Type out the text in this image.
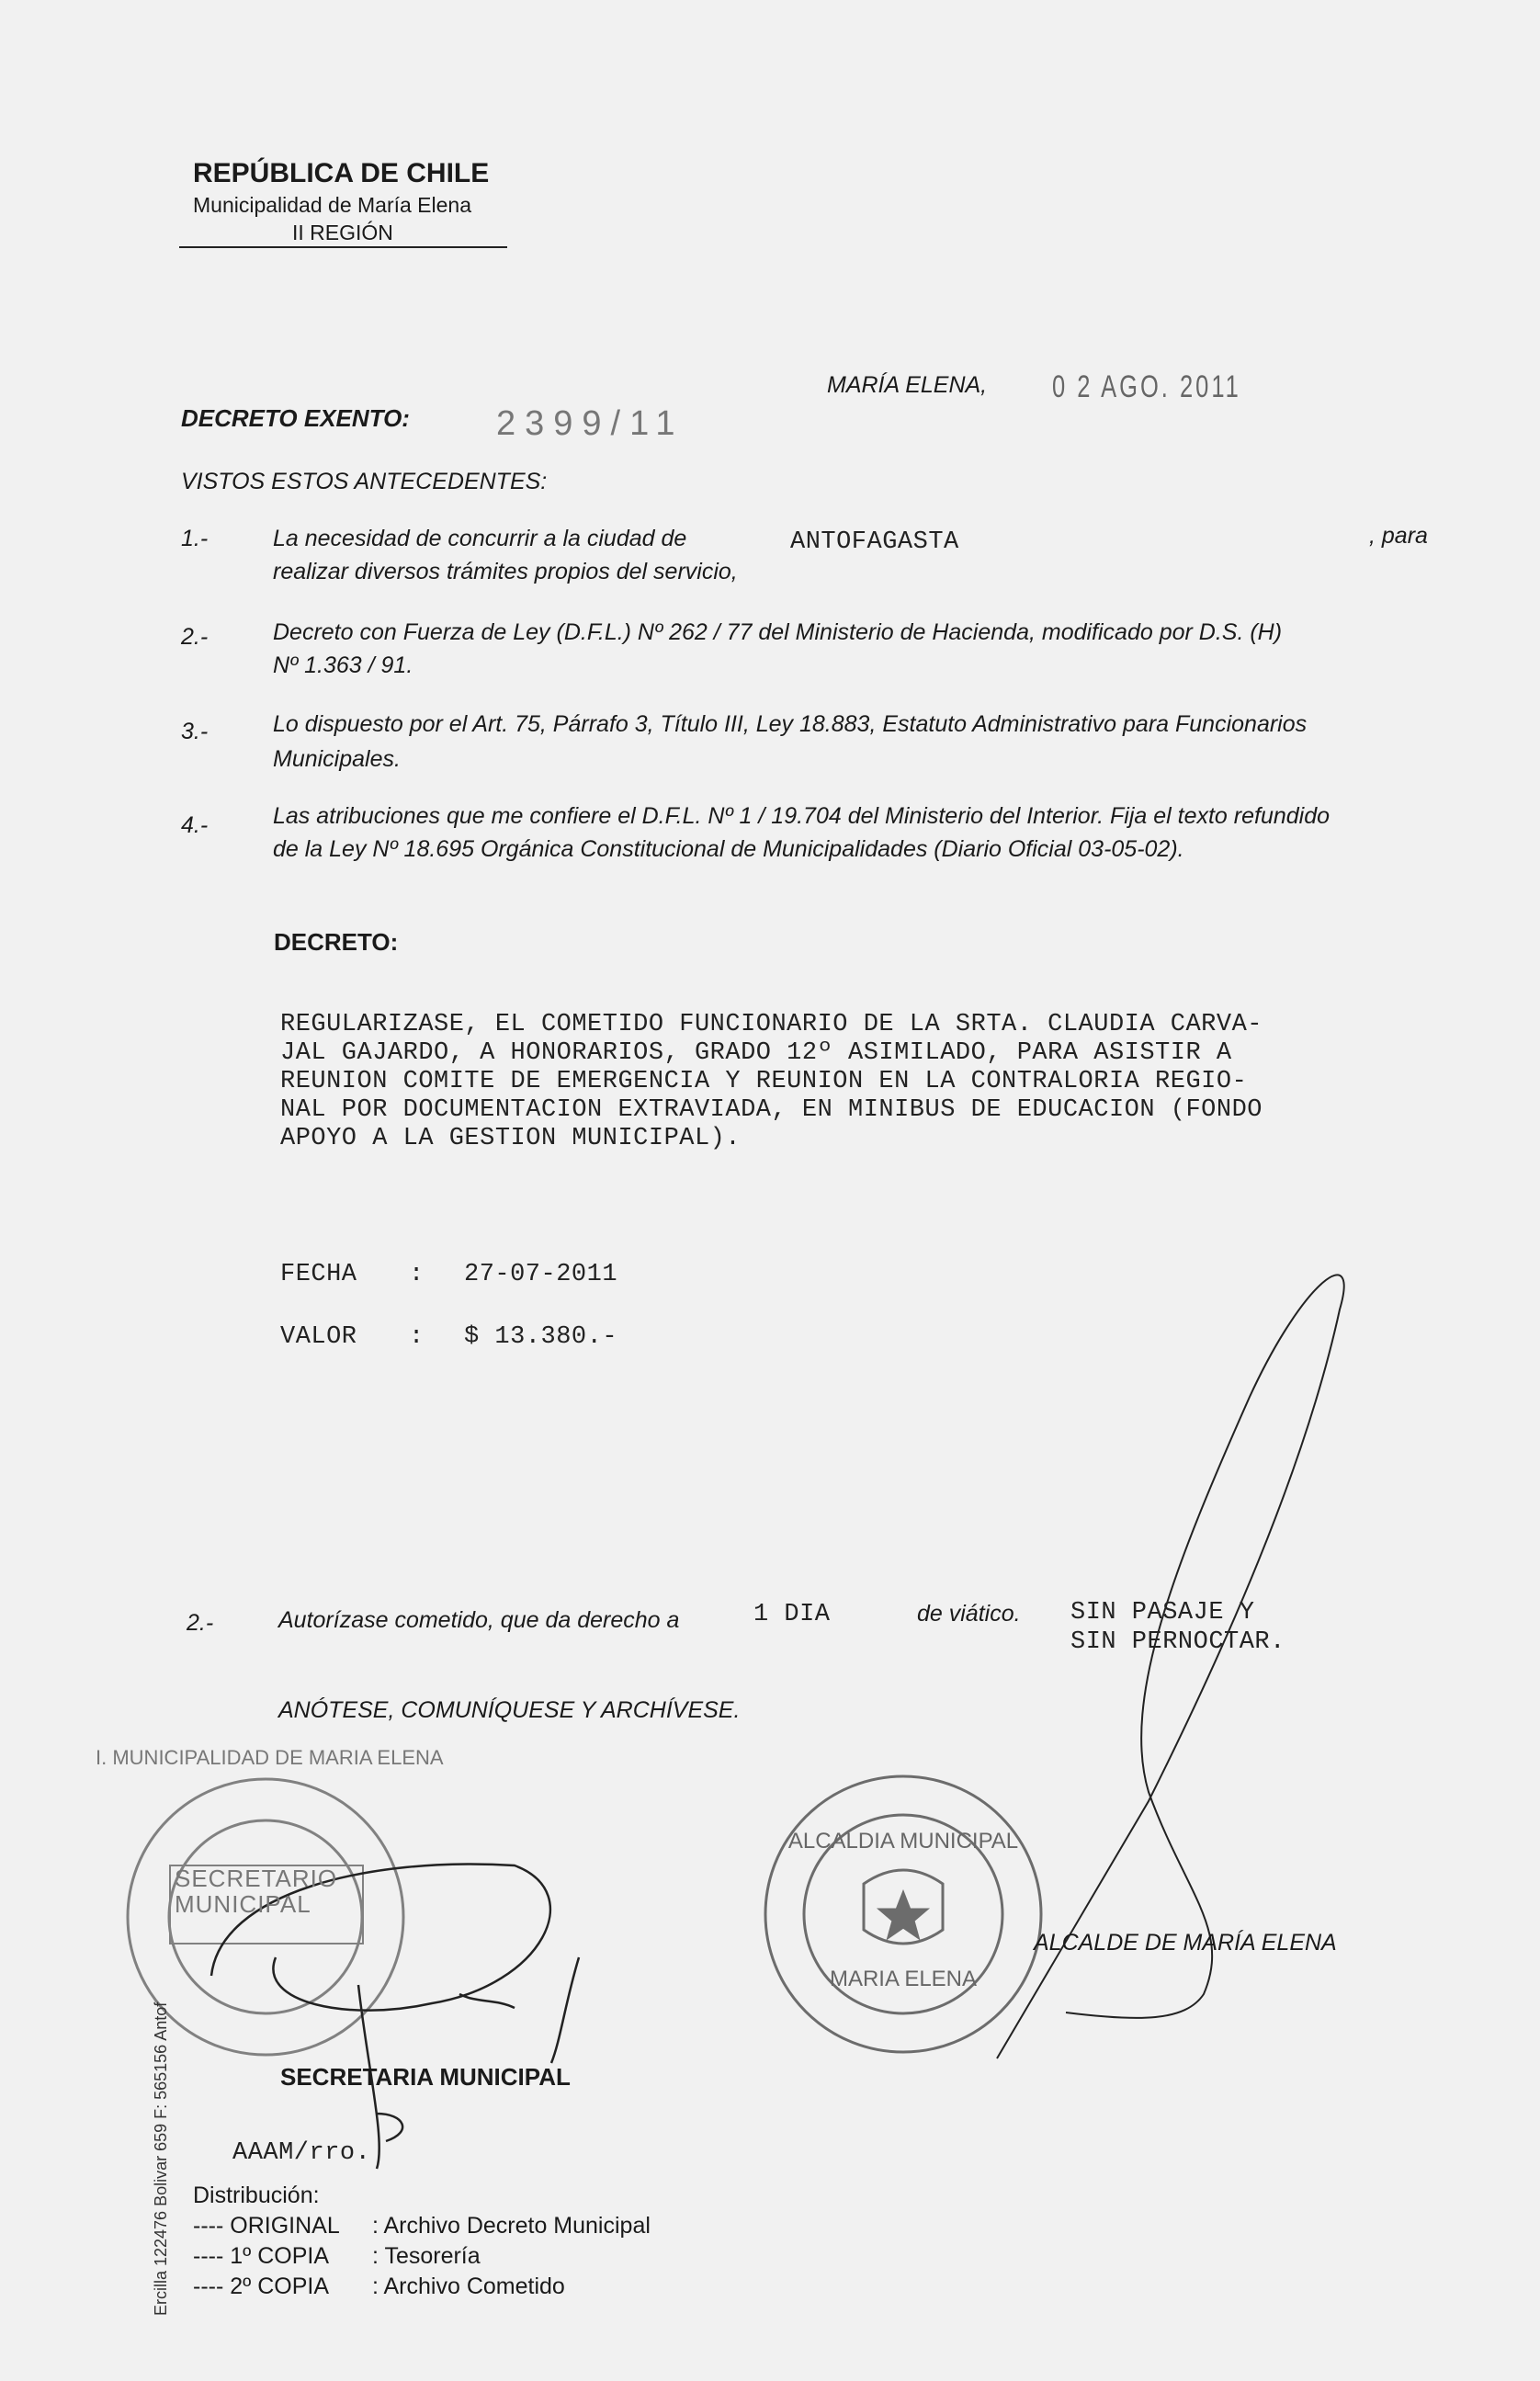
REPÚBLICA DE CHILE
Municipalidad de María Elena
II REGIÓN
MARÍA ELENA, 0 2 AGO. 2011
DECRETO EXENTO: 2399/11
VISTOS ESTOS ANTECEDENTES:
1.-	La necesidad de concurrir a la ciudad de	ANTOFAGASTA	, para
realizar diversos trámites propios del servicio,
2.-	Decreto con Fuerza de Ley (D.F.L.) Nº 262 / 77 del Ministerio de Hacienda, modificado por D.S. (H)
Nº 1.363 / 91.
3.-	Lo dispuesto por el Art. 75, Párrafo 3, Título III, Ley 18.883, Estatuto Administrativo para Funcionarios
Municipales.
4.-	Las atribuciones que me confiere el D.F.L. Nº 1 / 19.704 del Ministerio del Interior. Fija el texto refundido
de la Ley Nº 18.695 Orgánica Constitucional de Municipalidades (Diario Oficial 03-05-02).
DECRETO:
REGULARIZASE, EL COMETIDO FUNCIONARIO DE LA SRTA. CLAUDIA CARVA-
JAL GAJARDO, A HONORARIOS, GRADO 12º ASIMILADO, PARA ASISTIR A
REUNION COMITE DE EMERGENCIA Y REUNION EN LA CONTRALORIA REGIO-
NAL POR DOCUMENTACION EXTRAVIADA, EN MINIBUS DE EDUCACION (FONDO
APOYO A LA GESTION MUNICIPAL).
FECHA : 27-07-2011
VALOR : $ 13.380.-
2.-	Autorízase cometido, que da derecho a	1 DIA	de viático. SIN PASAJE Y
SIN PERNOCTAR.
ANÓTESE, COMUNÍQUESE Y ARCHÍVESE.
SECRETARIO MUNICIPAL
I. MUNICIPALIDAD DE MARIA ELENA
ALCALDIA MUNICIPAL
MARIA ELENA
ALCALDE DE MARÍA ELENA
SECRETARIA MUNICIPAL
AAAM/rro.
Distribución:
---- ORIGINAL : Archivo Decreto Municipal
---- 1º COPIA : Tesorería
---- 2º COPIA : Archivo Cometido
Ercilla 122476 Bolivar 659 F: 565156 Antof
